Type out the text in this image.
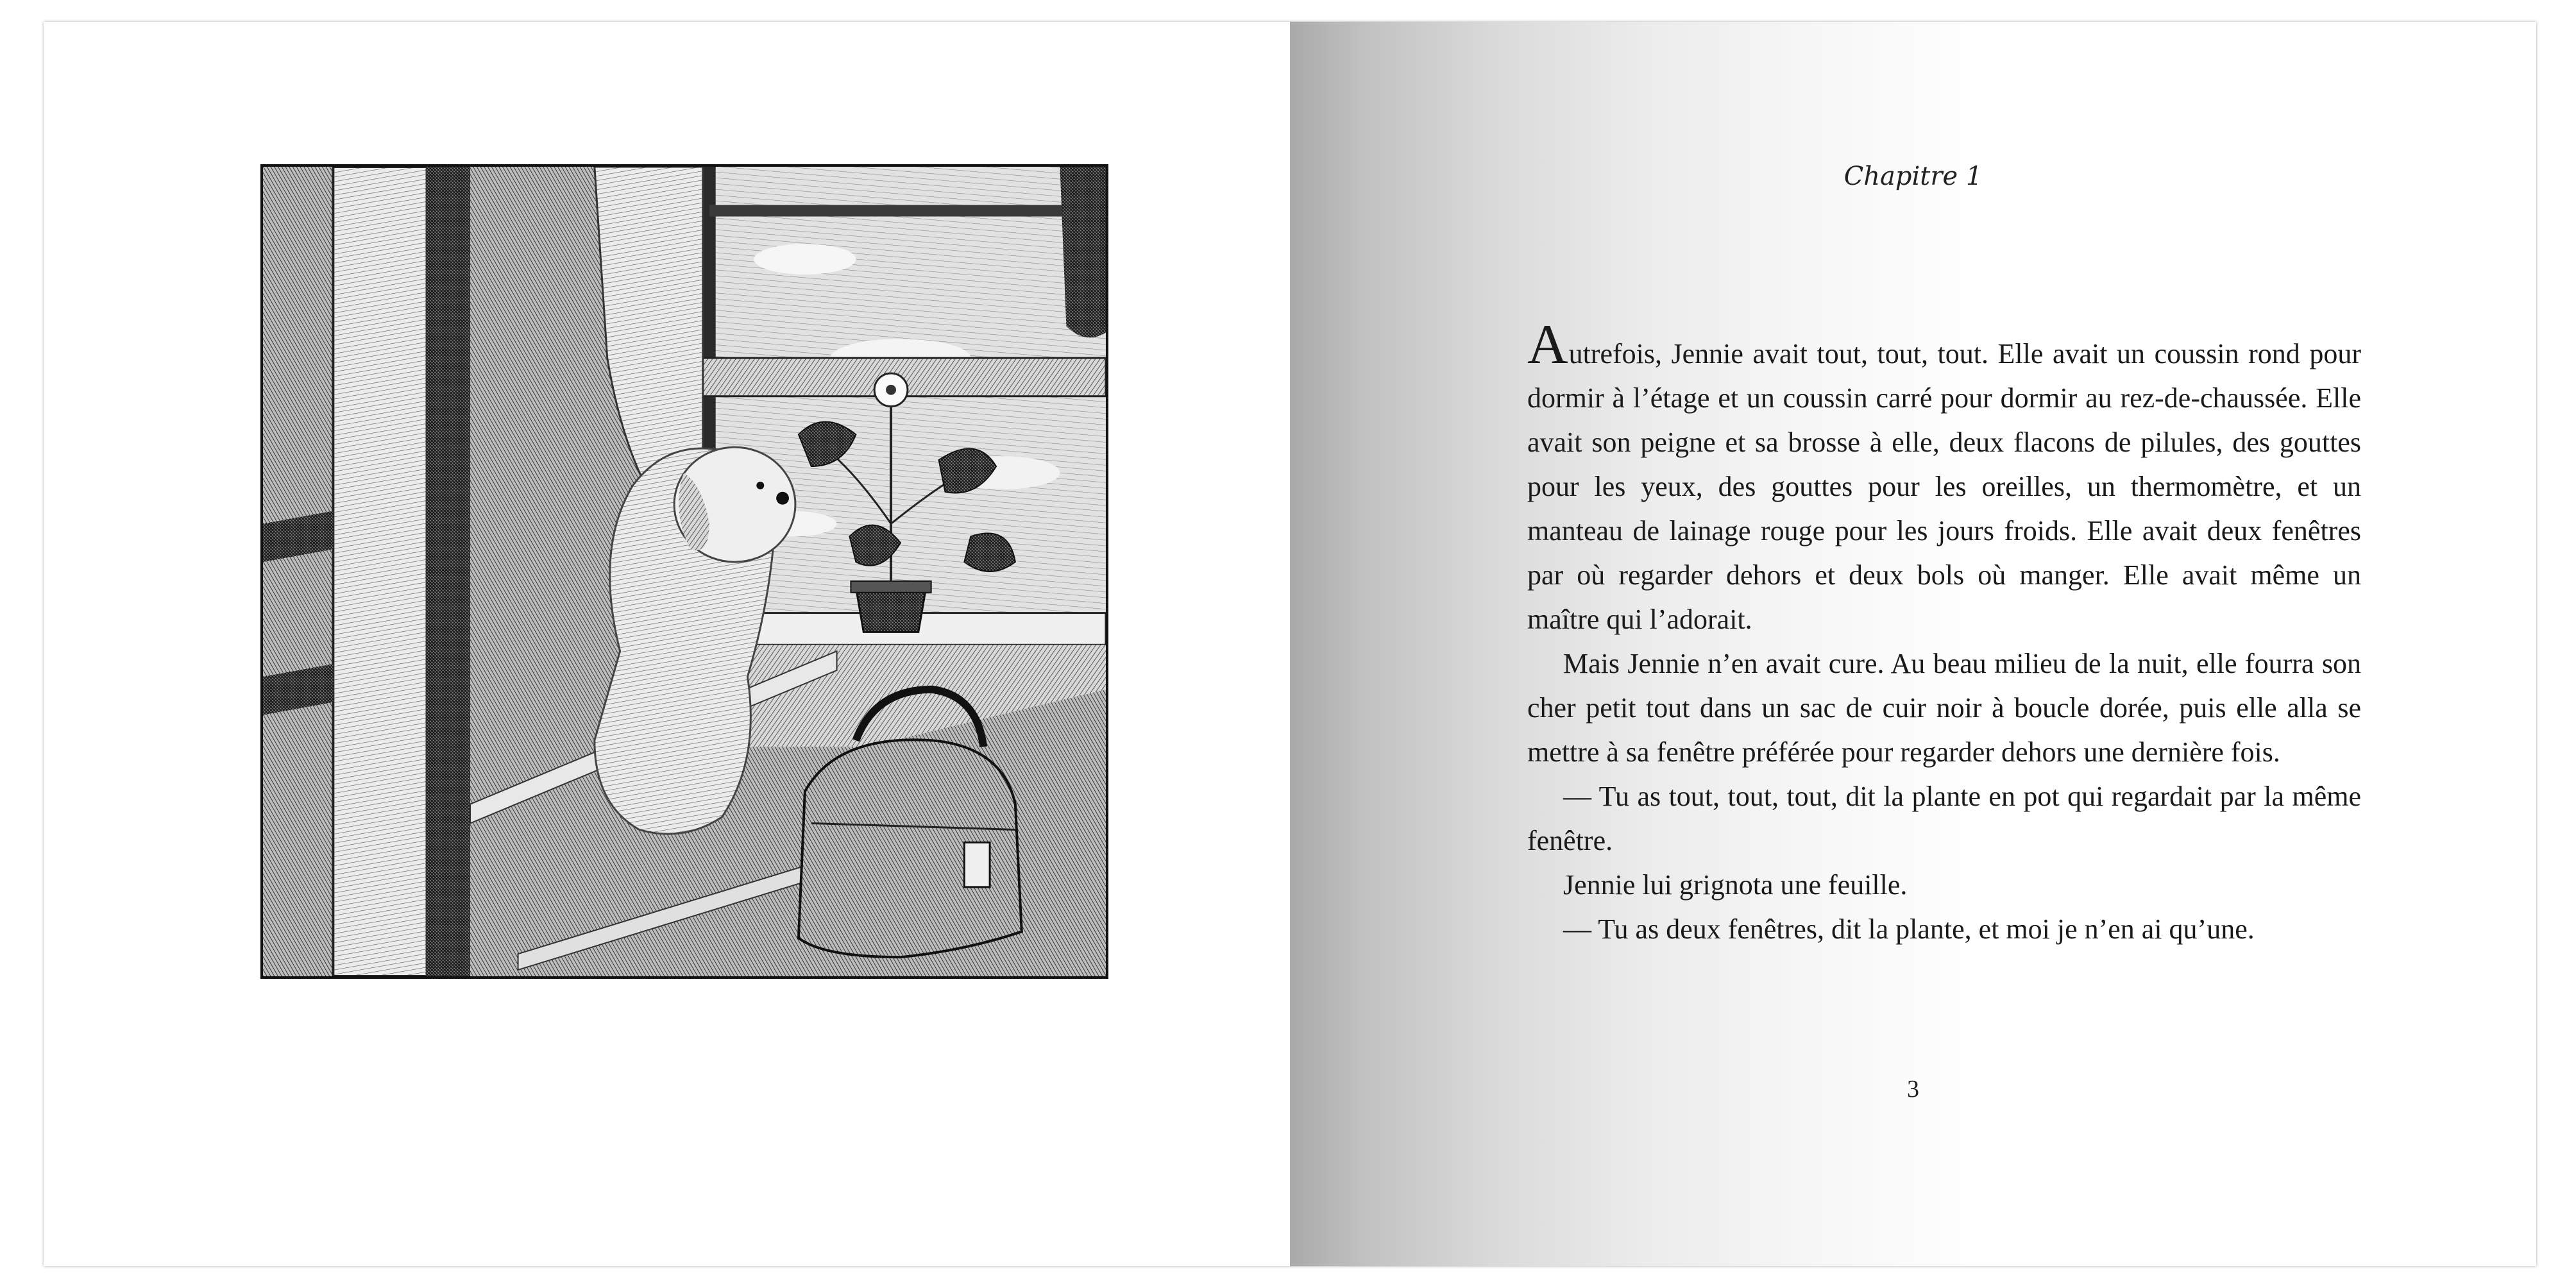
Chapitre 1

Autrefois, Jennie avait tout, tout, tout. Elle avait un coussin rond pour dormir à l’étage et un coussin carré pour dormir au rez-de-chaussée. Elle avait son peigne et sa brosse à elle, deux flacons de pilules, des gouttes pour les yeux, des gouttes pour les oreilles, un thermomètre, et un manteau de lainage rouge pour les jours froids. Elle avait deux fenêtres par où regarder dehors et deux bols où manger. Elle avait même un maître qui l’adorait.

Mais Jennie n’en avait cure. Au beau milieu de la nuit, elle fourra son cher petit tout dans un sac de cuir noir à boucle dorée, puis elle alla se mettre à sa fenêtre préférée pour regarder dehors une dernière fois.

— Tu as tout, tout, tout, dit la plante en pot qui regardait par la même fenêtre.

Jennie lui grignota une feuille.

— Tu as deux fenêtres, dit la plante, et moi je n’en ai qu’une.

3
